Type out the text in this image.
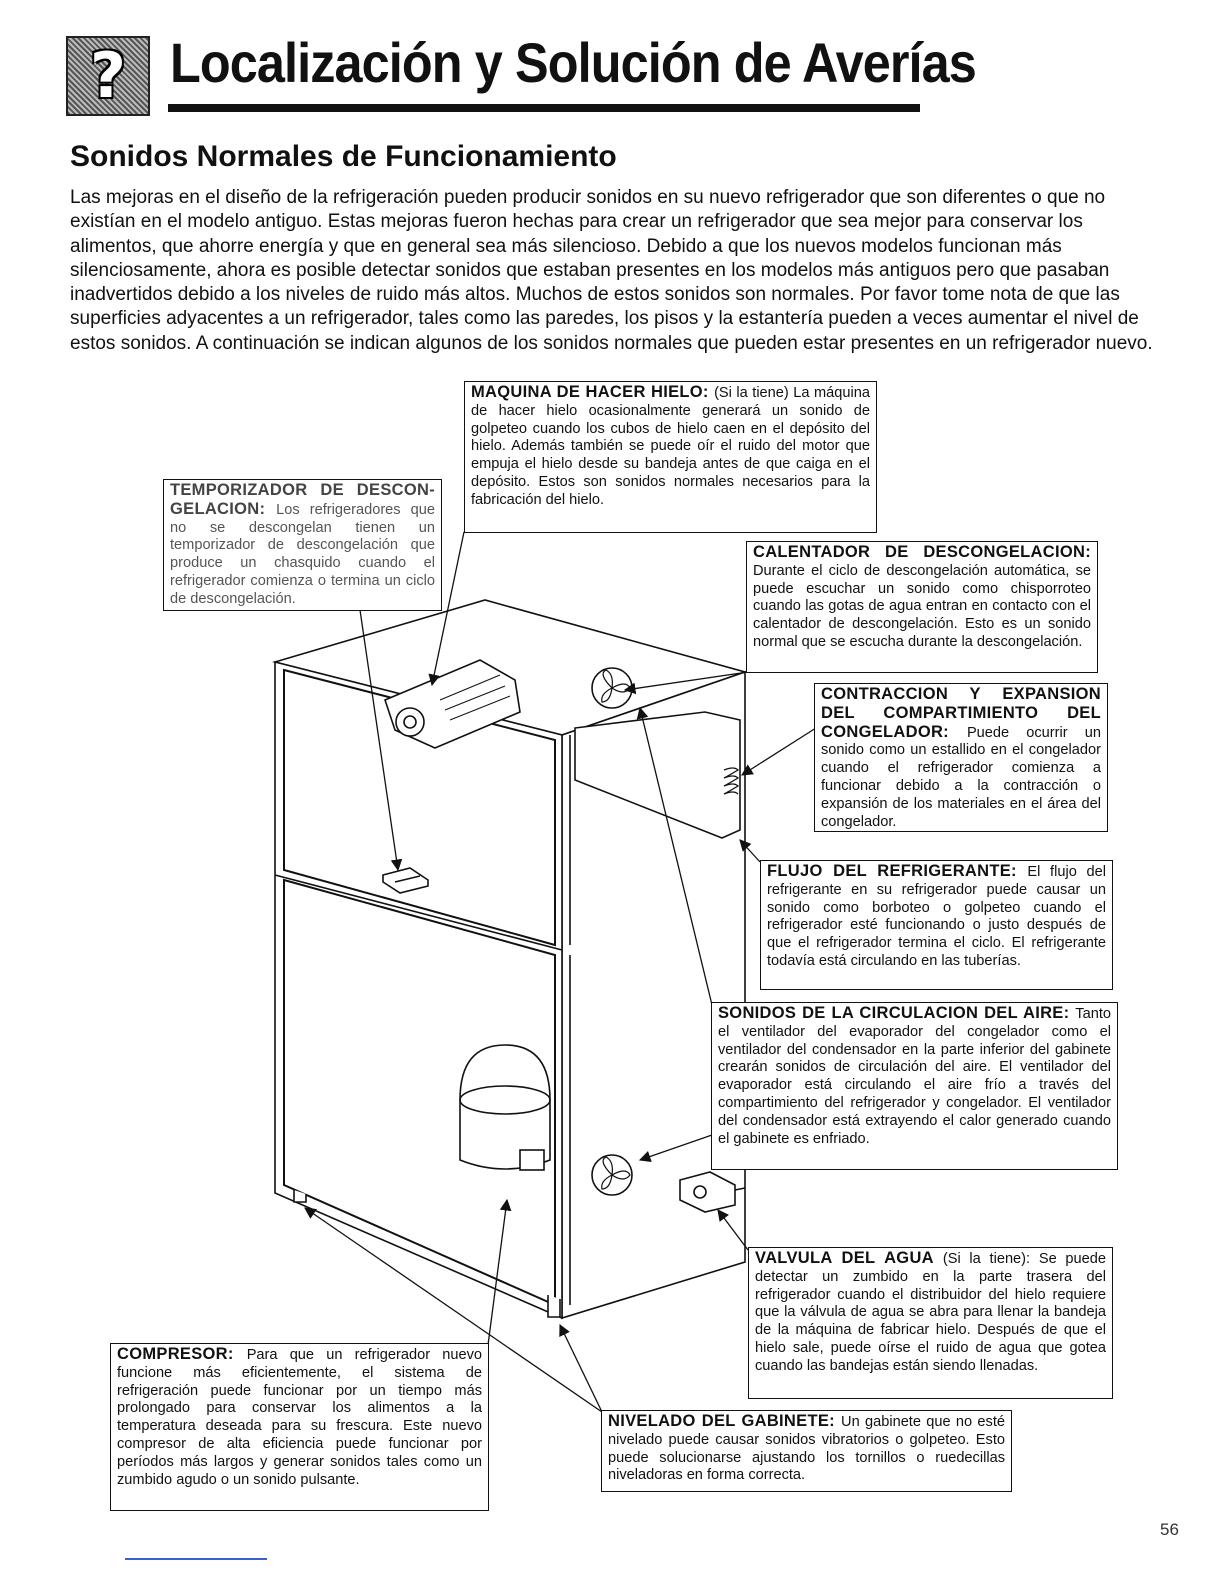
? Localización y Solución de Averías
Sonidos Normales de Funcionamiento

Las mejoras en el diseño de la refrigeración pueden producir sonidos en su nuevo refrigerador que son diferentes o que no existían en el modelo antiguo. Estas mejoras fueron hechas para crear un refrigerador que sea mejor para conservar los alimentos, que ahorre energía y que en general sea más silencioso. Debido a que los nuevos modelos funcionan más silenciosamente, ahora es posible detectar sonidos que estaban presentes en los modelos más antiguos pero que pasaban inadvertidos debido a los niveles de ruido más altos. Muchos de estos sonidos son normales. Por favor tome nota de que las superficies adyacentes a un refrigerador, tales como las paredes, los pisos y la estantería pueden a veces aumentar el nivel de estos sonidos. A continuación se indican algunos de los sonidos normales que pueden estar presentes en un refrigerador nuevo.

MAQUINA DE HACER HIELO: (Si la tiene) La máquina de hacer hielo ocasionalmente generará un sonido de golpeteo cuando los cubos de hielo caen en el depósito del hielo. Además también se puede oír el ruido del motor que empuja el hielo desde su bandeja antes de que caiga en el depósito. Estos son sonidos normales necesarios para la fabricación del hielo.
TEMPORIZADOR DE DESCON-GELACION: Los refrigeradores que no se descongelan tienen un temporizador de descongelación que produce un chasquido cuando el refrigerador comienza o termina un ciclo de descongelación.
CALENTADOR DE DESCONGELACION: Durante el ciclo de descongelación automática, se puede escuchar un sonido como chisporroteo cuando las gotas de agua entran en contacto con el calentador de descongelación. Esto es un sonido normal que se escucha durante la descongelación.
CONTRACCION Y EXPANSION DEL COMPARTIMIENTO DEL CONGELADOR: Puede ocurrir un sonido como un estallido en el congelador cuando el refrigerador comienza a funcionar debido a la contracción o expansión de los materiales en el área del congelador.
FLUJO DEL REFRIGERANTE: El flujo del refrigerante en su refrigerador puede causar un sonido como borboteo o golpeteo cuando el refrigerador esté funcionando o justo después de que el refrigerador termina el ciclo. El refrigerante todavía está circulando en las tuberías.
SONIDOS DE LA CIRCULACION DEL AIRE: Tanto el ventilador del evaporador del congelador como el ventilador del condensador en la parte inferior del gabinete crearán sonidos de circulación del aire. El ventilador del evaporador está circulando el aire frío a través del compartimiento del refrigerador y congelador. El ventilador del condensador está extrayendo el calor generado cuando el gabinete es enfriado.
VALVULA DEL AGUA (Si la tiene): Se puede detectar un zumbido en la parte trasera del refrigerador cuando el distribuidor del hielo requiere que la válvula de agua se abra para llenar la bandeja de la máquina de fabricar hielo. Después de que el hielo sale, puede oírse el ruido de agua que gotea cuando las bandejas están siendo llenadas.
COMPRESOR: Para que un refrigerador nuevo funcione más eficientemente, el sistema de refrigeración puede funcionar por un tiempo más prolongado para conservar los alimentos a la temperatura deseada para su frescura. Este nuevo compresor de alta eficiencia puede funcionar por períodos más largos y generar sonidos tales como un zumbido agudo o un sonido pulsante.
NIVELADO DEL GABINETE: Un gabinete que no esté nivelado puede causar sonidos vibratorios o golpeteo. Esto puede solucionarse ajustando los tornillos o ruedecillas niveladoras en forma correcta.
56
